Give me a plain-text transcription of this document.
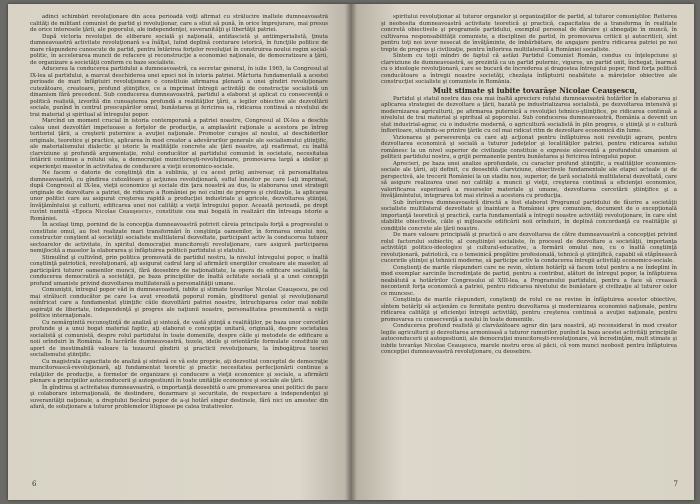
adinci schimbări revoluţionare din acea perioadă voiţi afirmat cu strălucire înaltele dumneavoastră calităţi de militant comunist de partid şi revoluţionar, care a stiut să pună, în orice împrejurare, mai presus de orice interesele ţării, ale poporului, ale independenţei, suveranităţii şi libertăţii patriei.

După victoria revoluţiei de eliberare socială şi naţională, antifascistă şi antiimperialistă, ţinuta dumneavoastră activitate revoluţionară s-a înălţat, luînd deplină conturare istorică, în funcţiile politice de mare răspundere cunoscute de partid, pentru întărirea forţelor revoluţiei în construirea noului regim social-politic, în accelerarea muncii de refacere şi reconstrucţie a economiei naţionale, de democratizare a ţării, de organizare a societăţii conform cu baze socialiste.

Aducerea la conducerea partidului a dumneavoastră, ca secretar general, în iulie 1965, la Congresul al IX-lea al partidului, a marcat deschiderea unei epoci noi în istoria patriei. Mărturia fundamentală a acestei perioade de mari înfăptuiri revoluţionare o constituie afirmarea plenară a unei gîndiri revoluţionare cutezătoare, creatoare, profund ştiinţifice, ce a imprimat întregii activităţi de construcţie socialistă un dinamism fără precedent. Sub conducerea dumneavoastră, partidul a elaborat şi aplicat cu consecvenţă o politică realistă, izvorîtă din cunoaşterea profundă a realităţilor ţării, a legilor obiective ale dezvoltării sociale, punînd în centrul preocupărilor omul, bunăstarea şi fericirea sa, ridicarea continuă a nivelului de trai material şi spiritual al întregului popor.

Marcînd un moment crucial în istoria contemporană a patriei noastre, Congresul al IX-lea a deschis calea unei dezvoltări impetuoase a forţelor de producţie, a amplasării raţionale a acestora pe întreg teritoriul ţării, a creşterii puternice a avuţiei naţionale. Promotor curajos al noului, al deschiderilor originale, teoretice şi practice, aplicarea în mod creator a adevărurilor generale ale socialismului ştiinţific, ale materialismului dialectic şi istoric la realităţile concrete ale ţării noastre, aţi reafirmat, cu înaltă clarviziune şi profundă argumentaţie, rolul conducător al partidului comunist în societate, necesitatea întăririi continue a rolului său, a democraţiei muncitoreşti-revoluţionare, promovarea largă a ideilor şi experienţei maselor în activitatea de conducere a vieţii economico-sociale.

Ne facem o datorie de conştiinţă din a sublinia, şi cu acest prilej aniversar, că personalitatea dumneavoastră, cu gîndirea cutezătoare şi acţiunea revoluţionară, suflul înnoitor pe care l-aţi imprimat, după Congresul al IX-lea, vieţii economice şi sociale din ţara noastră au dus, la elaborarea unei strategii originale de dezvoltare a patriei, de ridicare a României pe noi culmi de progres şi civilizaţie, la aplicarea unor politici care au asigurat creşterea rapidă a producţiei industriale şi agricole, dezvoltarea ştiinţei, învăţămîntului şi culturii, edificarea unei noi calităţi a vieţii întregului popor. Această perioadă, pe drept cuvînt numită «Epoca Nicolae Ceauşescu», constituie cea mai bogată în realizări din întreaga istorie a României.

În acelaşi timp, pornind de la concepţia dumneavoastră potrivit căreia principala forţă a progresului o constituie omul, au fost realizate mari transformări în conştiinţa oamenilor, în formarea omului nou, constructor conştient al societăţii socialiste multilateral dezvoltate, participant activ la conducerea tuturor sectoarelor de activitate, în spiritul democraţiei muncitoreşti revoluţionare, care asigură participarea nemijlocită a maselor la elaborarea şi înfăptuirea politicii partidului şi statului.

Stimulînd şi cultivînd, prin politica promovată de partidul nostru, la nivelul întregului popor, o înaltă conştiinţă patriotică, revoluţionară, aţi asigurat cadrul larg al afirmării energiilor creatoare ale maselor, al participării tuturor oamenilor muncii, fără deosebire de naţionalitate, la opera de edificare socialistă, la conducerea democratică a societăţii, pe baza principiilor de înaltă echitate socială şi a unei concepţii profund umaniste privind dezvoltarea multilaterală a personalităţii umane.

Comuniştii, întregul popor văd în dumneavoastră, iubite şi stimate tovarăşe Nicolae Ceauşescu, pe cel mai strălucit conducător pe care l-a avut vreodată poporul român, gînditorul genial şi revoluţionarul neînfricat care a fundamentat ştiinţific căile dezvoltării patriei noastre, întruchiparea celor mai nobile aspiraţii de libertate, independenţă şi progres ale naţiunii noastre, personalitatea proeminentă a vieţii politice internaţionale.

Cu nemărginită recunoştinţă de analiză şi sinteză, de vastă ştiinţă a realităţilor, pe baza unor cercetări profunde şi a unui bogat material faptic, aţi elaborat o concepţie unitară, originală, despre societatea socialistă şi comunistă, despre rolul partidului în toate domeniile, despre căile şi metodele de edificare a noii orînduiri în România. În lucrările dumneavoastră, tezele, ideile şi orientările formulate constituie un aport de inestimabilă valoare la tezaurul gîndirii şi practicii revoluţionare, la îmbogăţirea teoriei socialismului ştiinţific.

Cu magistrala capacitate de analiză şi sinteză ce vă este proprie, aţi dezvoltat conceptul de democraţie muncitorească-revoluţionară, aţi fundamentat teoretic şi practic necesitatea perfecţionării continue a relaţiilor de producţie, a formelor de organizare şi conducere a vieţii economice şi sociale, a afirmării plenare a principiilor autoconducerii şi autogestiunii în toate unităţile economice şi sociale ale ţării.

În gîndirea şi activitatea dumneavoastră, o importanţă deosebită o are promovarea unei politici de pace şi colaborare internaţională, de destindere, dezarmare şi securitate, de respectare a independenţei şi suveranităţii naţionale, a dreptului fiecărui popor de a-şi hotărî singur destinele, fără nici un amestec din afară, de soluţionare a tuturor problemelor litigioase pe calea tratativelor.

6

spiritului revoluţionar al tuturor organelor şi organizaţiilor de partid, al tuturor comuniştilor. Reiterea şi neobosita dumneavoastră activitate teoretică şi practică, capacitatea de a transforma în realitate concretă obiectivele şi programele partidului, exemplul personal de dăruire şi abnegaţie în muncă, în cultivarea responsabilităţii comuniste, a disciplinei de partid, în promovarea criticii şi autocriticii, sînt pentru toţi noi izvor nesecat de învăţăminte, de îmbărbătare, de angajare pentru ridicarea patriei pe noi trepte de progres şi civilizaţie, pentru înflorirea multilaterală a României socialiste.

Sîntem cu toţii mîndri de faptul că astăzi Partidul Comunist Român, condus cu înţelepciune şi clarviziune de dumneavoastră, se prezintă ca un partid puternic, viguros, un partid unit, închegat, înarmat cu o ideologie revoluţionară, care se bucură de încrederea şi dragostea întregului popor, fiind forţa politică conducătoare a întregii noastre societăţi, chezăşia înfăptuirii neabătute a mărețelor obiective ale construcţiei socialiste şi comuniste în România.

Mult stimate şi iubite tovarăşe Nicolae Ceauşescu,

Partidul şi statul nostru dau cea mai înaltă apreciere rolului dumneavoastră hotărîtor în elaborarea şi aplicarea strategiei de dezvoltare a ţării, bazată pe industrializarea socialistă, pe dezvoltarea intensivă şi modernizarea agriculturii, pe afirmarea puternică a revoluţiei tehnico-ştiinţifice, pe ridicarea continuă a nivelului de trai material şi spiritual al poporului. Sub conducerea dumneavoastră, România a devenit un stat industrial-agrar, cu o industrie modernă, o agricultură socialistă în plin progres, o ştiinţă şi o cultură înfloritoare, situîndu-se printre ţările cu cel mai ridicat ritm de dezvoltare economică din lume.

Vizionarea şi perseverenţa cu care aţi acţionat pentru înfăptuirea noii revoluţii agrare, pentru dezvoltarea economică şi socială a tuturor judeţelor şi localităţilor patriei, pentru ridicarea satului românesc la un nivel superior de civilizaţie constituie o expresie elocventă a profundului umanism al politicii partidului nostru, a grijii permanente pentru bunăstarea şi fericirea întregului popor.

Aprecieri, pe baza unei analize aprofundate, cu caracter profund ştiinţific, a realităţilor economico-sociale ale ţării, aţi definit, cu deosebită clarviziune, obiectivele fundamentale ale etapei actuale şi de perspectivă, ale trecerii României la un stadiu nou, superior, de ţară socialistă multilateral dezvoltată, care să asigure realizarea unei noi calităţi a muncii şi vieţii, creşterea continuă a eficienţei economice, valorificarea superioară a resurselor materiale şi umane, dezvoltarea cercetării ştiinţifice şi a învăţămîntului, integrarea tot mai strînsă a acestora cu producţia.

Sub înrîurirea dumneavoastră directă a fost elaborat Programul partidului de făurire a societăţii socialiste multilateral dezvoltate şi înaintare a României spre comunism, document de o excepţională importanţă teoretică şi practică, carta fundamentală a întregii noastre activităţi revoluţionare, în care sînt stabilite obiectivele, căile şi mijloacele edificării noii orînduiri, în deplină concordanţă cu realităţile şi condiţiile concrete ale ţării noastre.

De mare valoare principială şi practică o are dezvoltarea de către dumneavoastră a concepţiei privind rolul factorului subiectiv, al conştiinţei socialiste, în procesul de dezvoltare a societăţii, importanţa activităţii politico-ideologice şi cultural-educative, a formării omului nou, cu o înaltă conştiinţă revoluţionară, patriotică, cu o temeinică pregătire profesională, tehnică şi ştiinţifică, capabil să stăpînească cuceririle ştiinţei şi tehnicii moderne, să participe activ la conducerea întregii activităţi economico-sociale.

Conştienţi de marile răspunderi care ne revin, sîntem hotărîţi să facem totul pentru a ne îndeplini în mod exemplar sarcinile încredinţate de partid, pentru a contribui, alături de întregul popor, la înfăptuirea neabătută a hotărîrilor Congresului al XIII-lea, a Programului partidului, pentru a face să crească necontenit forţa economică a patriei, pentru ridicarea nivelului de bunăstare şi civilizaţie al tuturor celor ce muncesc.

Conştiinţa de marile răspunderi, conştienţi de rolul ce ne revine în înfăptuirea acestor obiective, sîntem hotărîţi să acţionăm cu fermitate pentru dezvoltarea şi modernizarea economiei naţionale, pentru ridicarea calităţii şi eficienţei întregii activităţi, pentru creşterea continuă a avuţiei naţionale, pentru promovarea cu consecvenţă a noului în toate domeniile.

Conducerea profund realistă şi clarvăzătoare agrar din ţara noastră, aţi reconsiderat în mod creator legile agriculturii şi dezvoltarea armonioasă a tuturor ramurilor, punînd la baza acestei activităţi principiile autoconducerii şi autogestiunii, ale democraţiei muncitoreşti-revoluţionare, vă încredinţăm, mult stimate şi iubite tovarăşe Nicolae Ceauşescu, marele nostru erou al păcii, că vom munci neobosit pentru înfăptuirea concepţiei dumneavoastră revoluţionare, cu deosebire.

7
